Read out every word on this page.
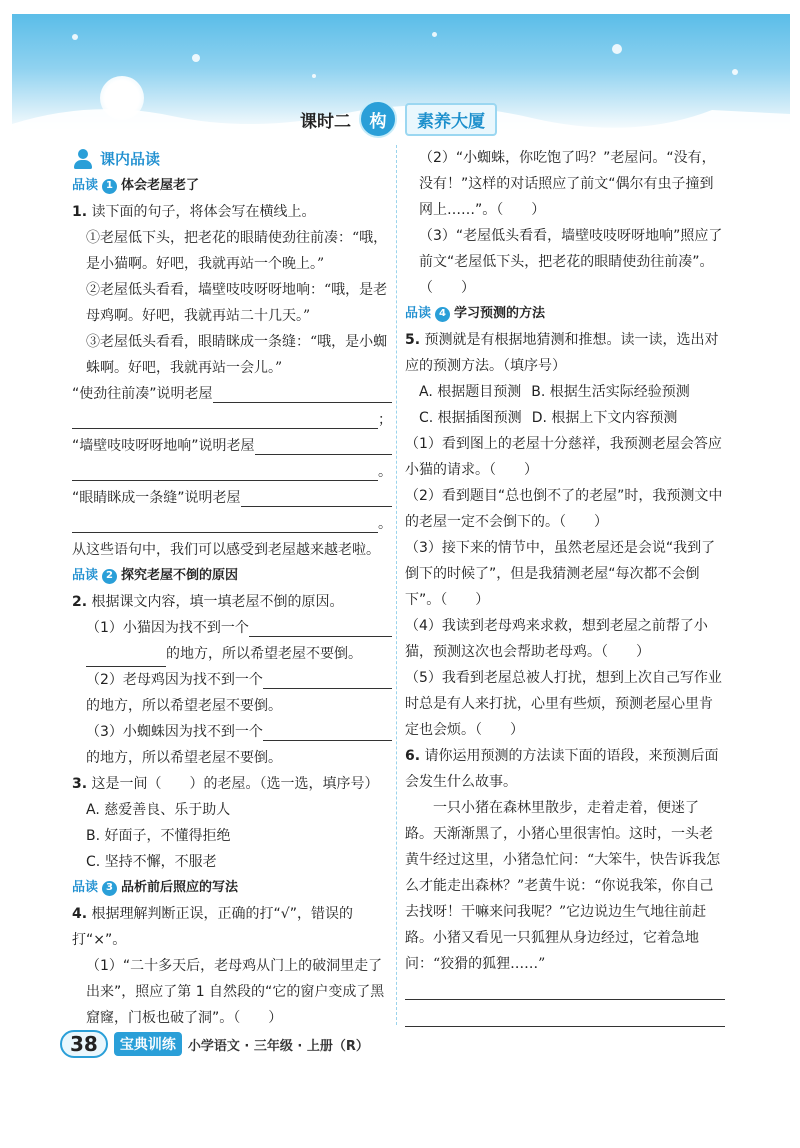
课时二	构	素养大厦
课内品读
品读 1 体会老屋老了
1. 读下面的句子，将体会写在横线上。
①老屋低下头，把老花的眼睛使劲往前凑：“哦，是小猫啊。好吧，我就再站一个晚上。”
②老屋低头看看，墙壁吱吱呀呀地响：“哦，是老母鸡啊。好吧，我就再站二十几天。”
③老屋低头看看，眼睛眯成一条缝：“哦，是小蜘蛛啊。好吧，我就再站一会儿。”
“使劲往前凑”说明老屋
；
“墙壁吱吱呀呀地响”说明老屋
。
“眼睛眯成一条缝”说明老屋
。
从这些语句中，我们可以感受到老屋越来越老啦。
品读 2 探究老屋不倒的原因
2. 根据课文内容，填一填老屋不倒的原因。
（1）小猫因为找不到一个
的地方，所以希望老屋不要倒。
（2）老母鸡因为找不到一个
的地方，所以希望老屋不要倒。
（3）小蜘蛛因为找不到一个
的地方，所以希望老屋不要倒。
3. 这是一间（　　）的老屋。（选一选，填序号）
A. 慈爱善良、乐于助人
B. 好面子，不懂得拒绝
C. 坚持不懈，不服老
品读 3 品析前后照应的写法
4. 根据理解判断正误，正确的打“√”，错误的打“×”。
（1）“二十多天后，老母鸡从门上的破洞里走了出来”，照应了第 1 自然段的“它的窗户变成了黑窟窿，门板也破了洞”。（　　）
（2）“小蜘蛛，你吃饱了吗？”老屋问。“没有，没有！”这样的对话照应了前文“偶尔有虫子撞到网上……”。（　　）
（3）“老屋低头看看，墙壁吱吱呀呀地响”照应了前文“老屋低下头，把老花的眼睛使劲往前凑”。（　　）
品读 4 学习预测的方法
5. 预测就是有根据地猜测和推想。读一读，选出对应的预测方法。（填序号）
A. 根据题目预测 B. 根据生活实际经验预测
C. 根据插图预测 D. 根据上下文内容预测
（1）看到图上的老屋十分慈祥，我预测老屋会答应小猫的请求。（　　）
（2）看到题目“总也倒不了的老屋”时，我预测文中的老屋一定不会倒下的。（　　）
（3）接下来的情节中，虽然老屋还是会说“我到了倒下的时候了”，但是我猜测老屋“每次都不会倒下”。（　　）
（4）我读到老母鸡来求救，想到老屋之前帮了小猫，预测这次也会帮助老母鸡。（　　）
（5）我看到老屋总被人打扰，想到上次自己写作业时总是有人来打扰，心里有些烦，预测老屋心里肯定也会烦。（　　）
6. 请你运用预测的方法读下面的语段，来预测后面会发生什么故事。
一只小猪在森林里散步，走着走着，便迷了路。天渐渐黑了，小猪心里很害怕。这时，一头老黄牛经过这里，小猪急忙问：“大笨牛，快告诉我怎么才能走出森林？”老黄牛说：“你说我笨，你自己去找呀！干嘛来问我呢？”它边说边生气地往前赶路。小猪又看见一只狐狸从身边经过，它着急地问：“狡猾的狐狸……”
38	宝典训练 小学语文 · 三年级 · 上册（R）
